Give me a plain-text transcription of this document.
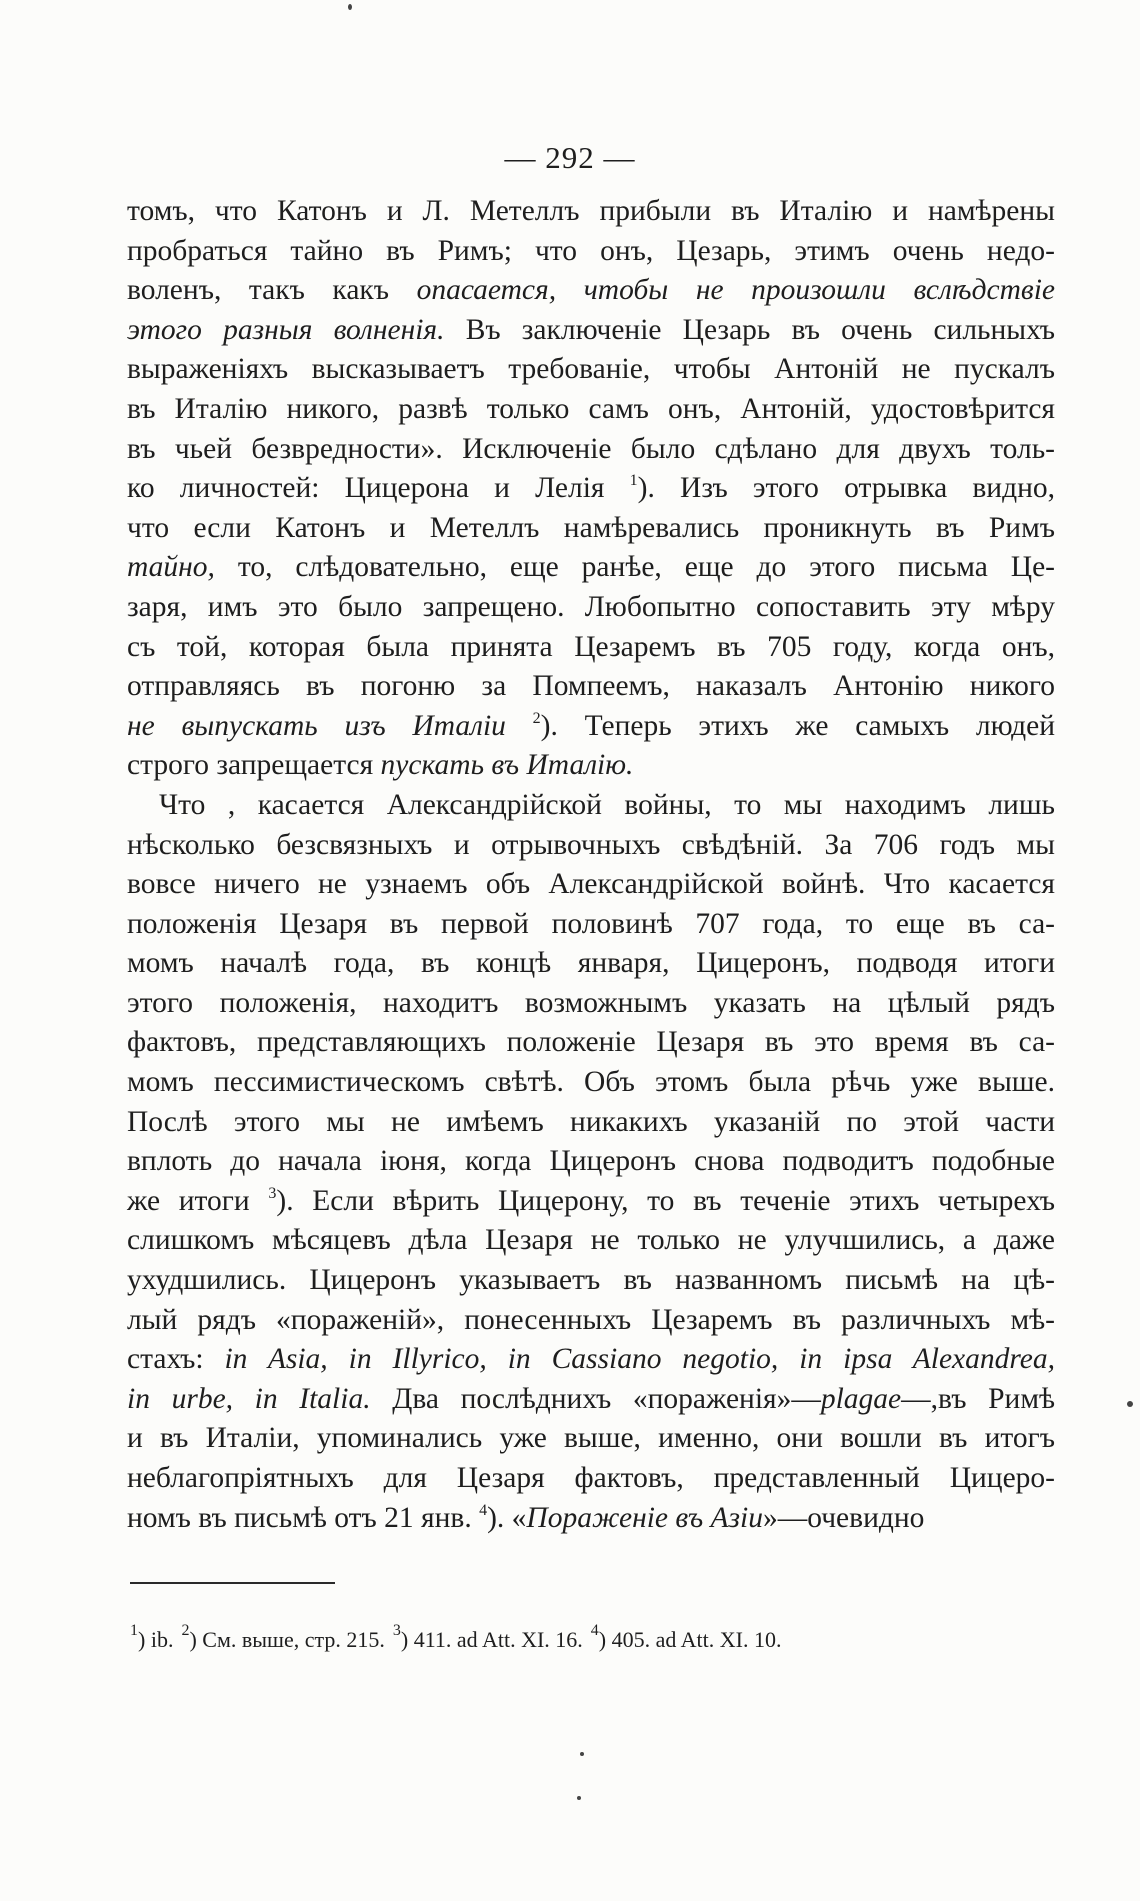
— 292 —
томъ, что Катонъ и Л. Метеллъ прибыли въ Италію и намѣрены
пробраться тайно въ Римъ; что онъ, Цезарь, этимъ очень недо-
воленъ, такъ какъ опасается, чтобы не произошли вслѣдствіе
этого разныя волненія. Въ заключеніе Цезарь въ очень сильныхъ
выраженіяхъ высказываетъ требованіе, чтобы Антоній не пускалъ
въ Италію никого, развѣ только самъ онъ, Антоній, удостовѣрится
въ чьей безвредности». Исключеніе было сдѣлано для двухъ толь-
ко личностей: Цицерона и Лелія $^1$). Изъ этого отрывка видно,
что если Катонъ и Метеллъ намѣревались проникнуть въ Римъ
тайно, то, слѣдовательно, еще ранѣе, еще до этого письма Це-
заря, имъ это было запрещено. Любопытно сопоставить эту мѣру
съ той, которая была принята Цезаремъ въ 705 году, когда онъ,
отправляясь въ погоню за Помпеемъ, наказалъ Антонію никого
не выпускать изъ Италіи $^2$). Теперь этихъ же самыхъ людей
строго запрещается пускать въ Италію.
Что , касается Александрійской войны, то мы находимъ лишь
нѣсколько безсвязныхъ и отрывочныхъ свѣдѣній. За 706 годъ мы
вовсе ничего не узнаемъ объ Александрійской войнѣ. Что касается
положенія Цезаря въ первой половинѣ 707 года, то еще въ са-
момъ началѣ года, въ концѣ января, Цицеронъ, подводя итоги
этого положенія, находитъ возможнымъ указать на цѣлый рядъ
фактовъ, представляющихъ положеніе Цезаря въ это время въ са-
момъ пессимистическомъ свѣтѣ. Объ этомъ была рѣчь уже выше.
Послѣ этого мы не имѣемъ никакихъ указаній по этой части
вплоть до начала іюня, когда Цицеронъ снова подводитъ подобные
же итоги $^3$). Если вѣрить Цицерону, то въ теченіе этихъ четырехъ
слишкомъ мѣсяцевъ дѣла Цезаря не только не улучшились, а даже
ухудшились. Цицеронъ указываетъ въ названномъ письмѣ на цѣ-
лый рядъ «пораженій», понесенныхъ Цезаремъ въ различныхъ мѣ-
стахъ: in Asia, in Illyrico, in Cassiano negotio, in ipsa Alexandrea,
in urbe, in Italia. Два послѣднихъ «пораженія»—plagae—,въ Римѣ
и въ Италіи, упоминались уже выше, именно, они вошли въ итогъ
неблагопріятныхъ для Цезаря фактовъ, представленный Цицеро-
номъ въ письмѣ отъ 21 янв. $^4$). «Пораженіе въ Азіи»—очевидно
$^1$) ib. $^2$) См. выше, стр. 215. $^3$) 411. ad Att. XI. 16. $^4$) 405. ad Att. XI. 10.
